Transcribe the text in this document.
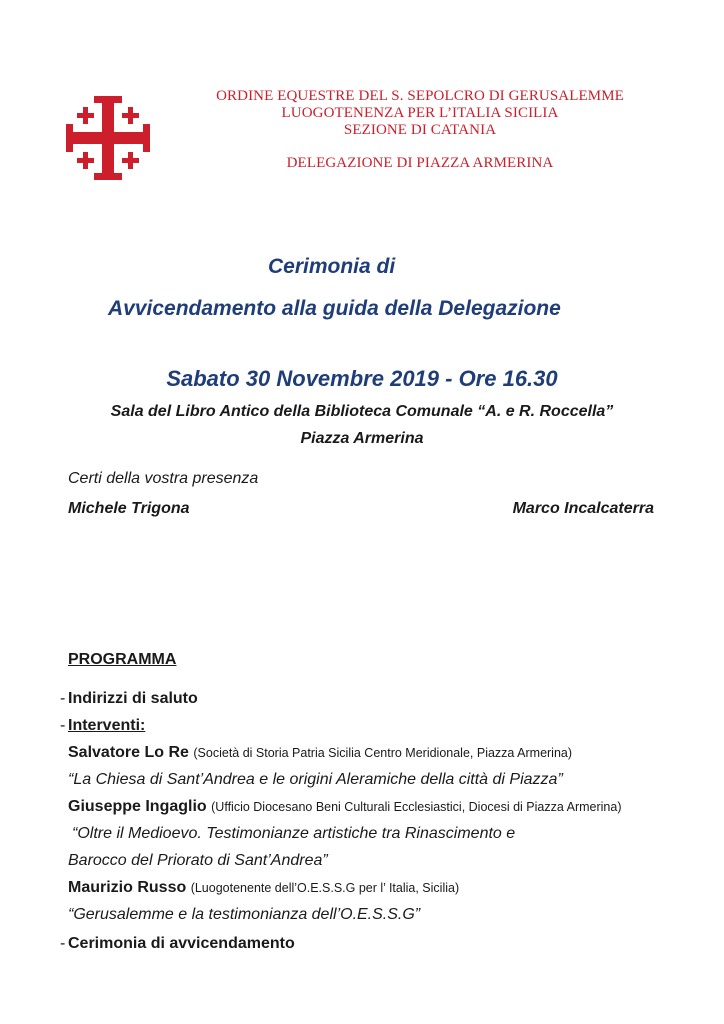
ORDINE EQUESTRE DEL S. SEPOLCRO DI GERUSALEMME
LUOGOTENENZA PER L’ITALIA SICILIA
SEZIONE DI CATANIA
DELEGAZIONE DI PIAZZA ARMERINA
Cerimonia di
Avvicendamento alla guida della Delegazione
Sabato 30 Novembre 2019 - Ore 16.30
Sala del Libro Antico della Biblioteca Comunale “A. e R. Roccella”
Piazza Armerina
Certi della vostra presenza
Michele Trigona	Marco Incalcaterra
PROGRAMMA
- Indirizzi di saluto
- Interventi:
Salvatore Lo Re (Società di Storia Patria Sicilia Centro Meridionale, Piazza Armerina)
“La Chiesa di Sant’Andrea e le origini Aleramiche della città di Piazza”
Giuseppe Ingaglio (Ufficio Diocesano Beni Culturali Ecclesiastici, Diocesi di Piazza Armerina)
“Oltre il Medioevo. Testimonianze artistiche tra Rinascimento e
Barocco del Priorato di Sant’Andrea”
Maurizio Russo (Luogotenente dell’O.E.S.S.G per l’ Italia, Sicilia)
“Gerusalemme e la testimonianza dell’O.E.S.S.G”
- Cerimonia di avvicendamento
